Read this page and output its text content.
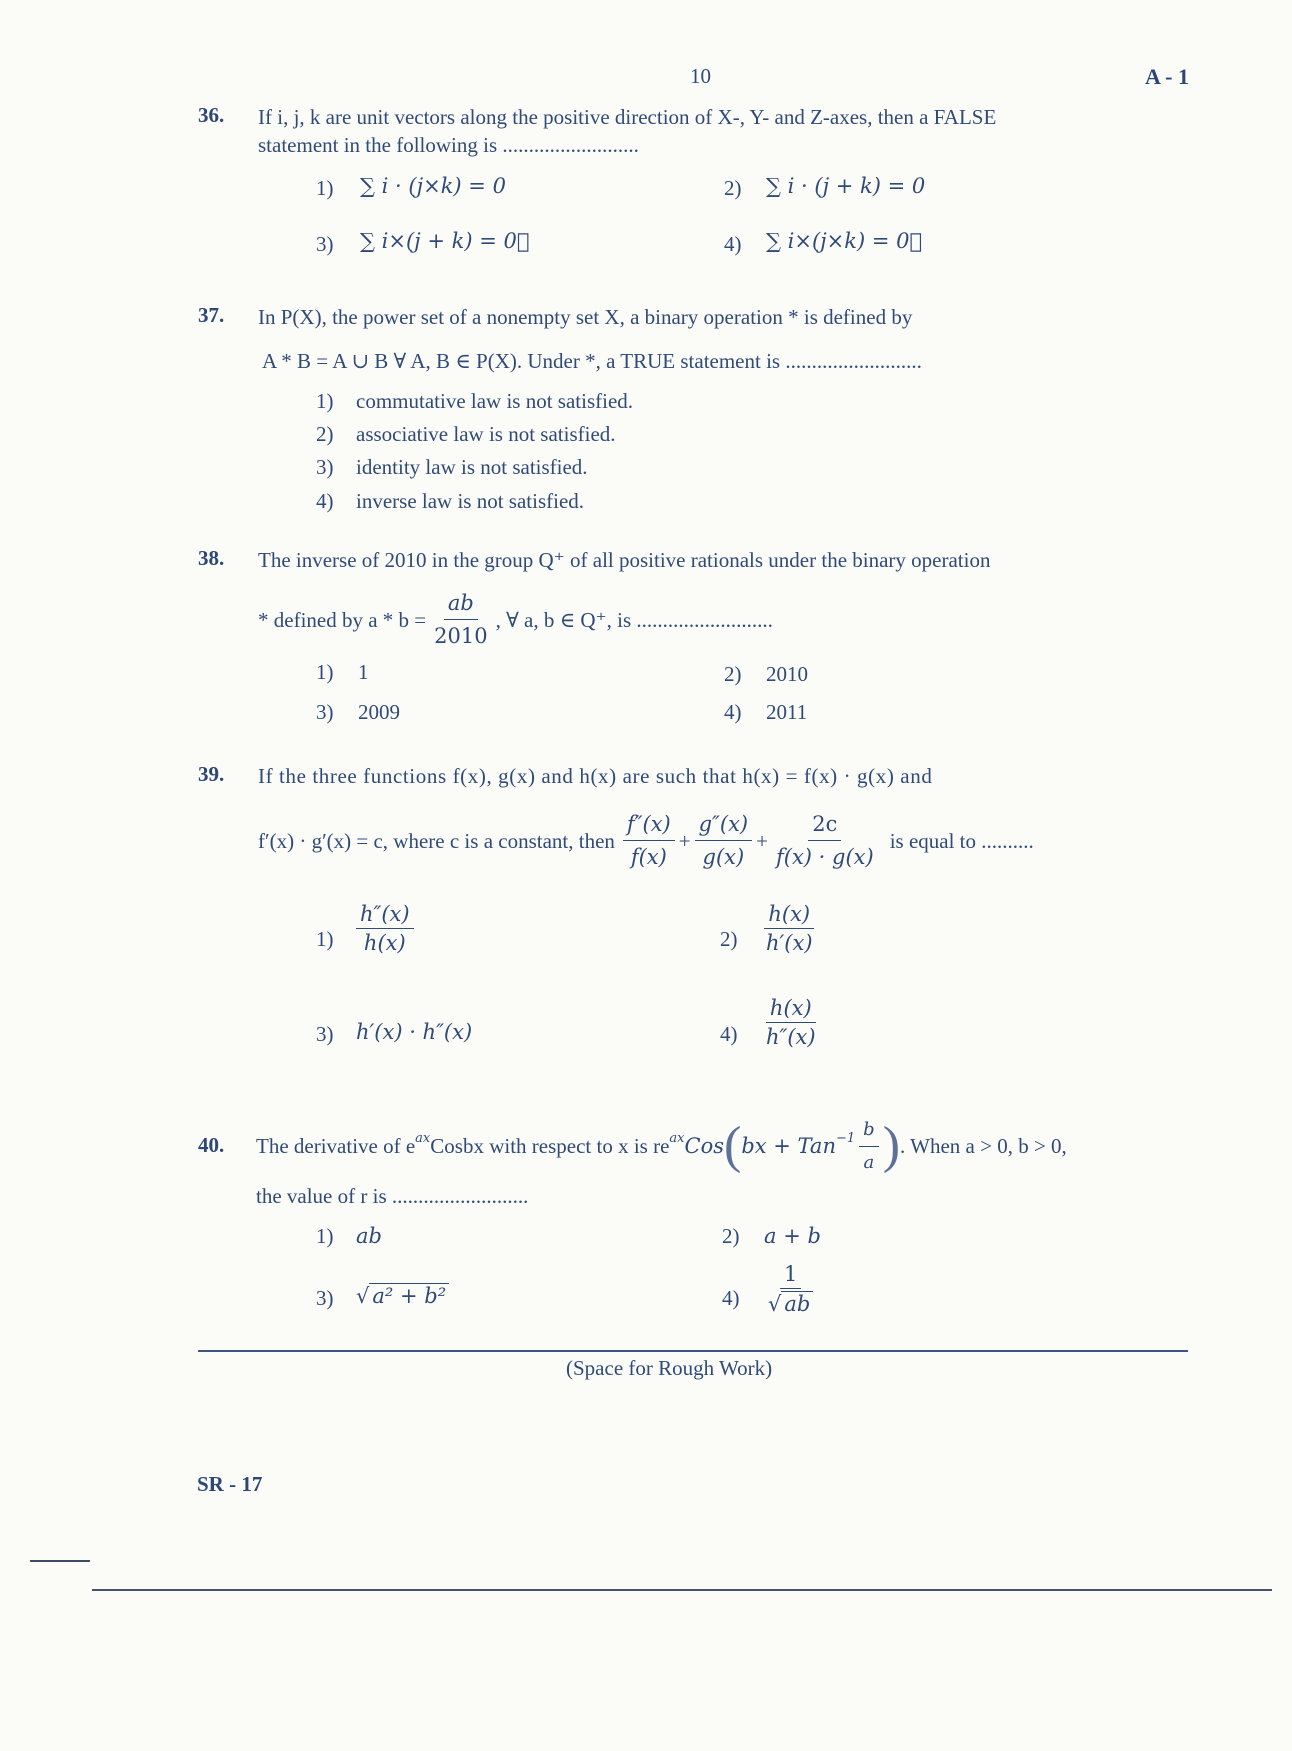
10	A - 1
36. If i, j, k are unit vectors along the positive direction of X-, Y- and Z-axes, then a FALSE
statement in the following is ..........................
1) ∑ i · (j×k) = 0	2) ∑ i · (j + k) = 0
3) ∑ i×(j + k) = 0⃗	4) ∑ i×(j×k) = 0⃗
37. In P(X), the power set of a nonempty set X, a binary operation * is defined by
A * B = A ∪ B ∀ A, B ∈ P(X). Under *, a TRUE statement is ..........................
1) commutative law is not satisfied.
2) associative law is not satisfied.
3) identity law is not satisfied.
4) inverse law is not satisfied.
38. The inverse of 2010 in the group Q⁺ of all positive rationals under the binary operation
* defined by $a * b = \frac{ab}{2010}$ , ∀ a, b ∈ Q⁺, is ..........................
1) 1	2) 2010
3) 2009	4) 2011
39. If the three functions f(x), g(x) and h(x) are such that h(x) = f(x) · g(x) and
f′(x) · g′(x) = c, where c is a constant, then $\frac{f''(x)}{f(x)} + \frac{g''(x)}{g(x)} + \frac{2c}{f(x) \cdot g(x)}$ is equal to ..........
$1) \frac{h''(x)}{h(x)}$	$2) \frac{h(x)}{h'(x)}$
3) h′(x) · h″(x)	$4) \frac{h(x)}{h''(x)}$
40. The derivative of $e^{ax}$ Cosbx with respect to x is $re^{ax}$ Cos ( bx + $Tan^{-1} \frac{b}{a}$ ) . When a > 0, b > 0,
the value of r is ..........................
1) ab	2) a + b
3) √ a² + b²	$4) \frac{1}{√ ab}$
(Space for Rough Work)
SR - 17
